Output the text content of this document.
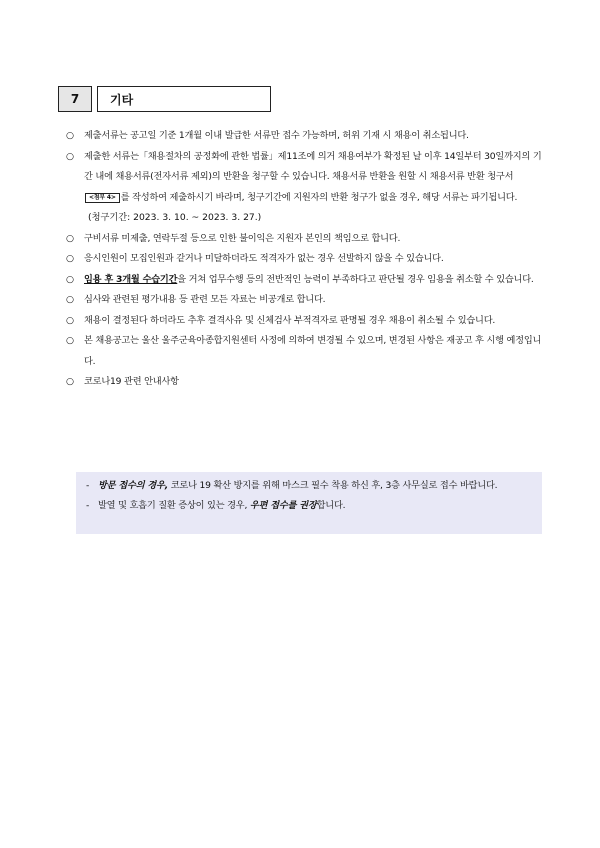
7	기타
○	제출서류는 공고일 기준 1개월 이내 발급한 서류만 접수 가능하며, 허위 기재 시 채용이 취소됩니다.
○	제출한 서류는「채용절차의 공정화에 관한 법률」제11조에 의거 채용여부가 확정된 날 이후 14일부터 30일까지의 기간 내에 채용서류(전자서류 제외)의 반환을 청구할 수 있습니다. 채용서류 반환을 원할 시 채용서류 반환 청구서<첨부 4> 를 작성하여 제출하시기 바라며, 청구기간에 지원자의 반환 청구가 없을 경우, 해당 서류는 파기됩니다.
(청구기간: 2023. 3. 10. ~ 2023. 3. 27.)
○	구비서류 미제출, 연락두절 등으로 인한 불이익은 지원자 본인의 책임으로 합니다.
○	응시인원이 모집인원과 같거나 미달하더라도 적격자가 없는 경우 선발하지 않을 수 있습니다.
○	임용 후 3개월 수습기간을 거쳐 업무수행 등의 전반적인 능력이 부족하다고 판단될 경우 임용을 취소할 수 있습니다.
○	심사와 관련된 평가내용 등 관련 모든 자료는 비공개로 합니다.
○	채용이 결정된다 하더라도 추후 결격사유 및 신체검사 부적격자로 판명될 경우 채용이 취소될 수 있습니다.
○	본 채용공고는 울산 울주군육아종합지원센터 사정에 의하여 변경될 수 있으며, 변경된 사항은 재공고 후 시행 예정입니다.
○	코로나19 관련 안내사항
- 방문 접수의 경우, 코로나 19 확산 방지를 위해 마스크 필수 착용 하신 후, 3층 사무실로 접수 바랍니다.
- 발열 및 호흡기 질환 증상이 있는 경우, 우편 접수를 권장합니다.
